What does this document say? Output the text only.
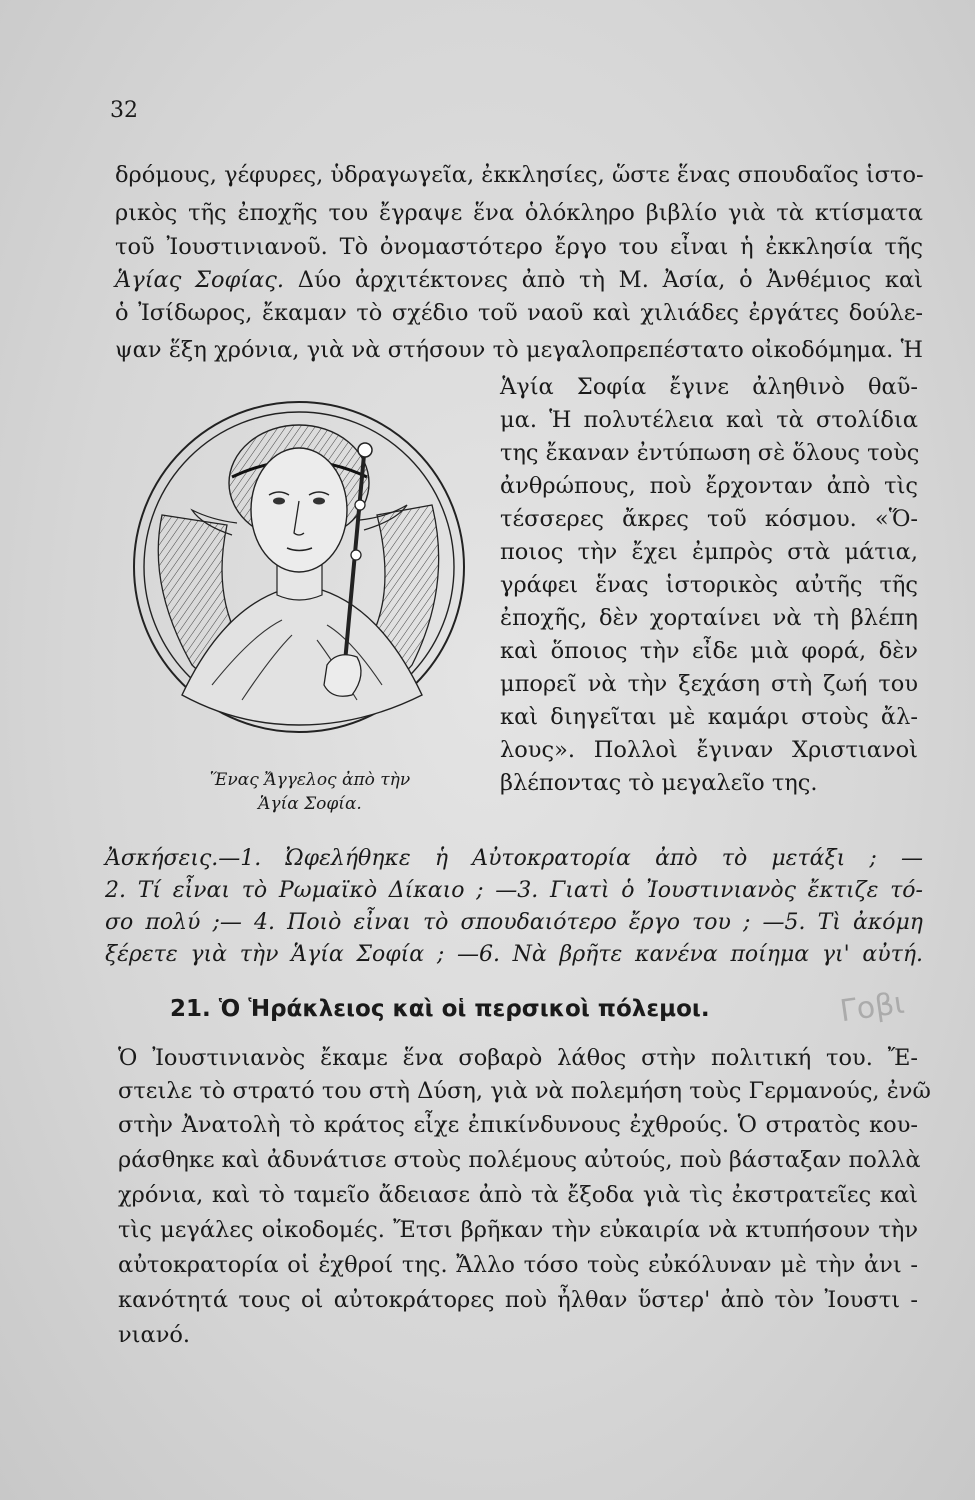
32
δρόμους, γέφυρες, ὑδραγωγεῖα, ἐκκλησίες, ὥστε ἕνας σπουδαῖος ἱστο-
ρικὸς τῆς ἐποχῆς του ἔγραψε ἕνα ὁλόκληρο βιβλίο γιὰ τὰ κτίσματα
τοῦ Ἰουστινιανοῦ. Τὸ ὀνομαστότερο ἔργο του εἶναι ἡ ἐκκλησία τῆς
Ἁγίας Σοφίας. Δύο ἀρχιτέκτονες ἀπὸ τὴ Μ. Ἀσία, ὁ Ἀνθέμιος καὶ
ὁ Ἰσίδωρος, ἔκαμαν τὸ σχέδιο τοῦ ναοῦ καὶ χιλιάδες ἐργάτες δούλε-
ψαν ἕξη χρόνια, γιὰ νὰ στήσουν τὸ μεγαλοπρεπέστατο οἰκοδόμημα. Ἡ
Ἕνας Ἄγγελος ἀπὸ τὴν
Ἁγία Σοφία.
Ἁγία Σοφία ἔγινε ἀληθινὸ θαῦ-
μα. Ἡ πολυτέλεια καὶ τὰ στολίδια
της ἔκαναν ἐντύπωση σὲ ὅλους τοὺς
ἀνθρώπους, ποὺ ἔρχονταν ἀπὸ τὶς
τέσσερες ἄκρες τοῦ κόσμου. «Ὅ-
ποιος τὴν ἔχει ἐμπρὸς στὰ μάτια,
γράφει ἕνας ἱστορικὸς αὐτῆς τῆς
ἐποχῆς, δὲν χορταίνει νὰ τὴ βλέπη
καὶ ὅποιος τὴν εἶδε μιὰ φορά, δὲν
μπορεῖ νὰ τὴν ξεχάση στὴ ζωή του
καὶ διηγεῖται μὲ καμάρι στοὺς ἄλ-
λους». Πολλοὶ ἔγιναν Χριστιανοὶ
βλέποντας τὸ μεγαλεῖο της.
Ἀσκήσεις.—1. Ὠφελήθηκε ἡ Αὐτοκρατορία ἀπὸ τὸ μετάξι ; —
2. Τί εἶναι τὸ Ρωμαϊκὸ Δίκαιο ; —3. Γιατὶ ὁ Ἰουστινιανὸς ἔκτιζε τό-
σο πολύ ;— 4. Ποιὸ εἶναι τὸ σπουδαιότερο ἔργο του ; —5. Τὶ ἀκόμη
ξέρετε γιὰ τὴν Ἁγία Σοφία ; —6. Νὰ βρῆτε κανένα ποίημα γι' αὐτή.
21. Ὁ Ἡράκλειος καὶ οἱ περσικοὶ πόλεμοι.	Γοβι
Ὁ Ἰουστινιανὸς ἔκαμε ἕνα σοβαρὸ λάθος στὴν πολιτική του. Ἔ-
στειλε τὸ στρατό του στὴ Δύση, γιὰ νὰ πολεμήση τοὺς Γερμανούς, ἐνῶ
στὴν Ἀνατολὴ τὸ κράτος εἶχε ἐπικίνδυνους ἐχθρούς. Ὁ στρατὸς κου-
ράσθηκε καὶ ἀδυνάτισε στοὺς πολέμους αὐτούς, ποὺ βάσταξαν πολλὰ
χρόνια, καὶ τὸ ταμεῖο ἄδειασε ἀπὸ τὰ ἔξοδα γιὰ τὶς ἐκστρατεῖες καὶ
τὶς μεγάλες οἰκοδομές. Ἔτσι βρῆκαν τὴν εὐκαιρία νὰ κτυπήσουν τὴν
αὐτοκρατορία οἱ ἐχθροί της. Ἄλλο τόσο τοὺς εὐκόλυναν μὲ τὴν ἀνι -
κανότητά τους οἱ αὐτοκράτορες ποὺ ἦλθαν ὕστερ' ἀπὸ τὸν Ἰουστι -
νιανό.
